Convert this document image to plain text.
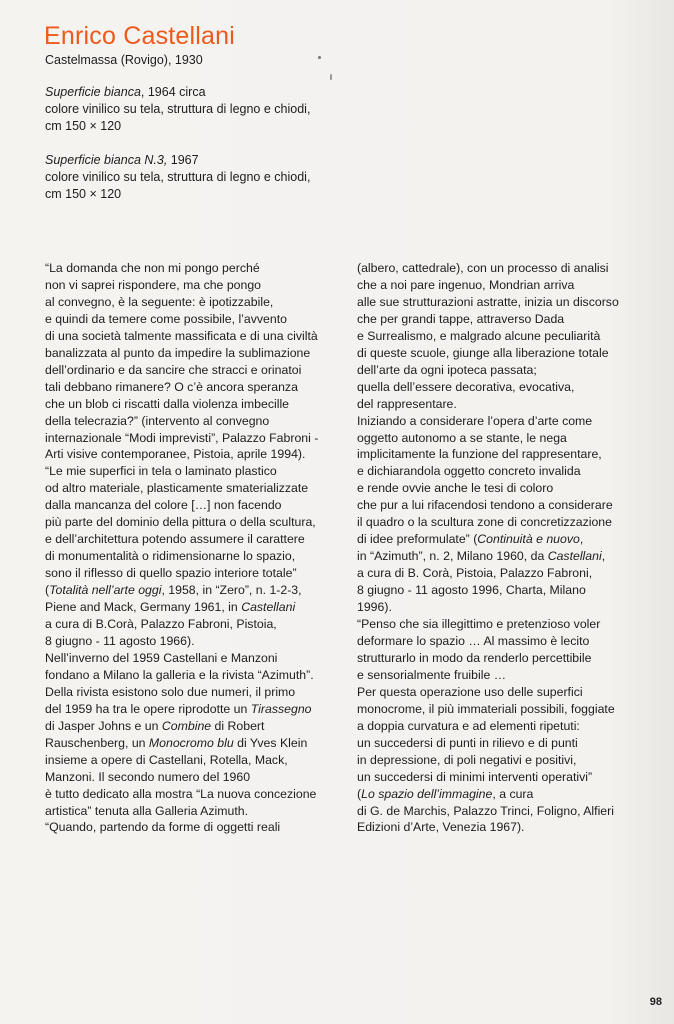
Enrico Castellani
Castelmassa (Rovigo), 1930
Superficie bianca, 1964 circa
colore vinilico su tela, struttura di legno e chiodi,
cm 150 × 120
Superficie bianca N.3, 1967
colore vinilico su tela, struttura di legno e chiodi,
cm 150 × 120
“La domanda che non mi pongo perché
non vi saprei rispondere, ma che pongo
al convegno, è la seguente: è ipotizzabile,
e quindi da temere come possibile, l’avvento
di una società talmente massificata e di una civiltà
banalizzata al punto da impedire la sublimazione
dell’ordinario e da sancire che stracci e orinatoi
tali debbano rimanere? O c’è ancora speranza
che un blob ci riscatti dalla violenza imbecille
della telecrazia?” (intervento al convegno
internazionale “Modi imprevisti”, Palazzo Fabroni -
Arti visive contemporanee, Pistoia, aprile 1994).
“Le mie superfici in tela o laminato plastico
od altro materiale, plasticamente smaterializzate
dalla mancanza del colore […] non facendo
più parte del dominio della pittura o della scultura,
e dell’architettura potendo assumere il carattere
di monumentalità o ridimensionarne lo spazio,
sono il riflesso di quello spazio interiore totale”
(Totalità nell’arte oggi, 1958, in “Zero”, n. 1-2-3,
Piene and Mack, Germany 1961, in Castellani
a cura di B.Corà, Palazzo Fabroni, Pistoia,
8 giugno - 11 agosto 1966).
Nell’inverno del 1959 Castellani e Manzoni
fondano a Milano la galleria e la rivista “Azimuth”.
Della rivista esistono solo due numeri, il primo
del 1959 ha tra le opere riprodotte un Tirassegno
di Jasper Johns e un Combine di Robert
Rauschenberg, un Monocromo blu di Yves Klein
insieme a opere di Castellani, Rotella, Mack,
Manzoni. Il secondo numero del 1960
è tutto dedicato alla mostra “La nuova concezione
artistica” tenuta alla Galleria Azimuth.
“Quando, partendo da forme di oggetti reali
(albero, cattedrale), con un processo di analisi
che a noi pare ingenuo, Mondrian arriva
alle sue strutturazioni astratte, inizia un discorso
che per grandi tappe, attraverso Dada
e Surrealismo, e malgrado alcune peculiarità
di queste scuole, giunge alla liberazione totale
dell’arte da ogni ipoteca passata;
quella dell’essere decorativa, evocativa,
del rappresentare.
Iniziando a considerare l’opera d’arte come
oggetto autonomo a se stante, le nega
implicitamente la funzione del rappresentare,
e dichiarandola oggetto concreto invalida
e rende ovvie anche le tesi di coloro
che pur a lui rifacendosi tendono a considerare
il quadro o la scultura zone di concretizzazione
di idee preformulate” (Continuità e nuovo,
in “Azimuth”, n. 2, Milano 1960, da Castellani,
a cura di B. Corà, Pistoia, Palazzo Fabroni,
8 giugno - 11 agosto 1996, Charta, Milano
1996).
“Penso che sia illegittimo e pretenzioso voler
deformare lo spazio … Al massimo è lecito
strutturarlo in modo da renderlo percettibile
e sensorialmente fruibile …
Per questa operazione uso delle superfici
monocrome, il più immateriali possibili, foggiate
a doppia curvatura e ad elementi ripetuti:
un succedersi di punti in rilievo e di punti
in depressione, di poli negativi e positivi,
un succedersi di minimi interventi operativi”
(Lo spazio dell’immagine, a cura
di G. de Marchis, Palazzo Trinci, Foligno, Alfieri
Edizioni d’Arte, Venezia 1967).
98
